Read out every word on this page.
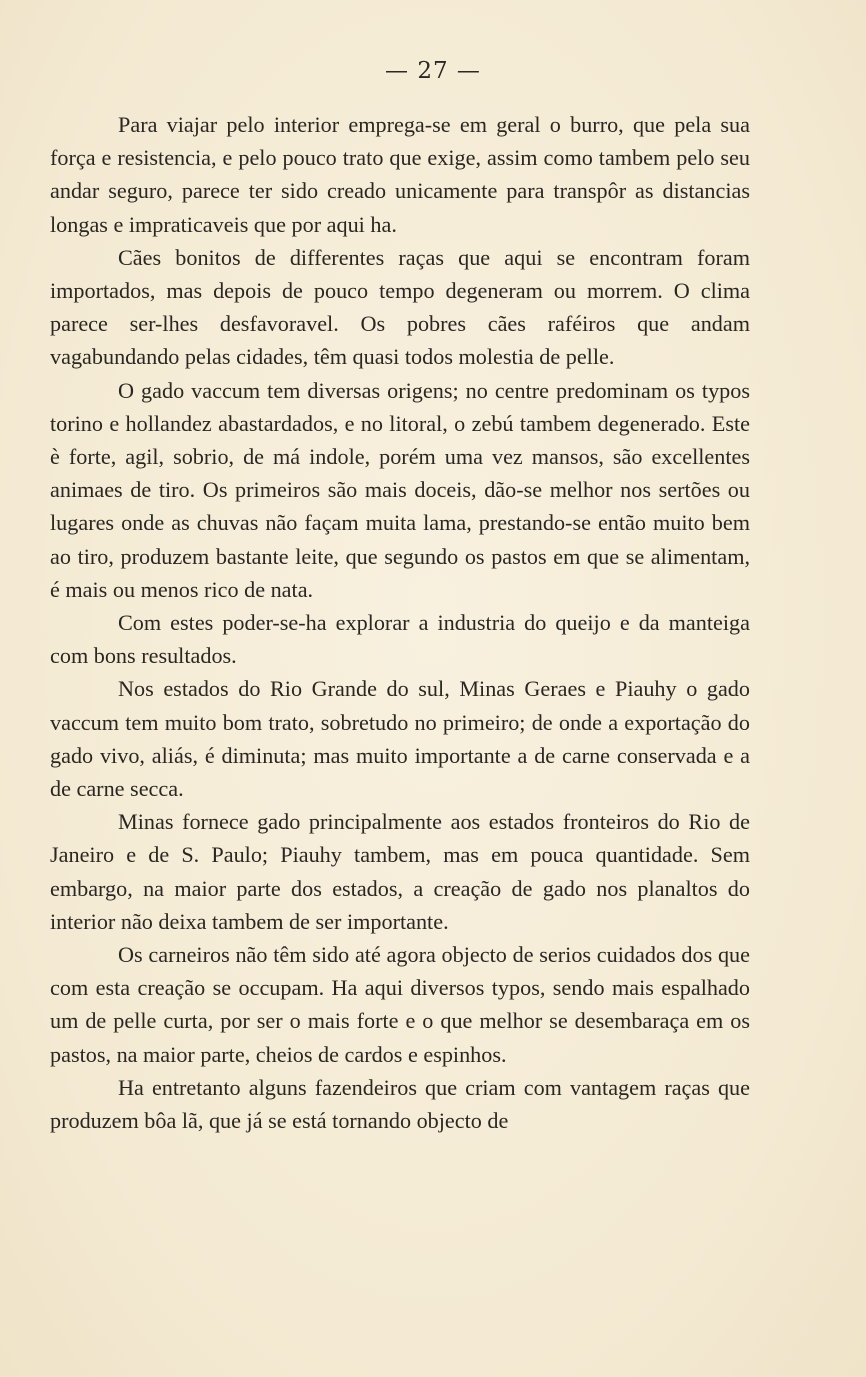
— 27 —

Para viajar pelo interior emprega-se em geral o burro, que pela sua força e resistencia, e pelo pouco trato que exige, assim como tambem pelo seu andar seguro, parece ter sido creado unicamente para transpôr as distancias longas e impraticaveis que por aqui ha.

Cães bonitos de differentes raças que aqui se encontram foram importados, mas depois de pouco tempo degeneram ou morrem. O clima parece ser-lhes desfavoravel. Os pobres cães raféiros que andam vagabundando pelas cidades, têm quasi todos molestia de pelle.

O gado vaccum tem diversas origens; no centre predominam os typos torino e hollandez abastardados, e no litoral, o zebú tambem degenerado. Este è forte, agil, sobrio, de má indole, porém uma vez mansos, são excellentes animaes de tiro. Os primeiros são mais doceis, dão-se melhor nos sertões ou lugares onde as chuvas não façam muita lama, prestando-se então muito bem ao tiro, produzem bastante leite, que segundo os pastos em que se alimentam, é mais ou menos rico de nata.

Com estes poder-se-ha explorar a industria do queijo e da manteiga com bons resultados.

Nos estados do Rio Grande do sul, Minas Geraes e Piauhy o gado vaccum tem muito bom trato, sobretudo no primeiro; de onde a exportação do gado vivo, aliás, é diminuta; mas muito importante a de carne conservada e a de carne secca.

Minas fornece gado principalmente aos estados fronteiros do Rio de Janeiro e de S. Paulo; Piauhy tambem, mas em pouca quantidade. Sem embargo, na maior parte dos estados, a creação de gado nos planaltos do interior não deixa tambem de ser importante.

Os carneiros não têm sido até agora objecto de serios cuidados dos que com esta creação se occupam. Ha aqui diversos typos, sendo mais espalhado um de pelle curta, por ser o mais forte e o que melhor se desembaraça em os pastos, na maior parte, cheios de cardos e espinhos.

Ha entretanto alguns fazendeiros que criam com vantagem raças que produzem bôa lã, que já se está tornando objecto de
